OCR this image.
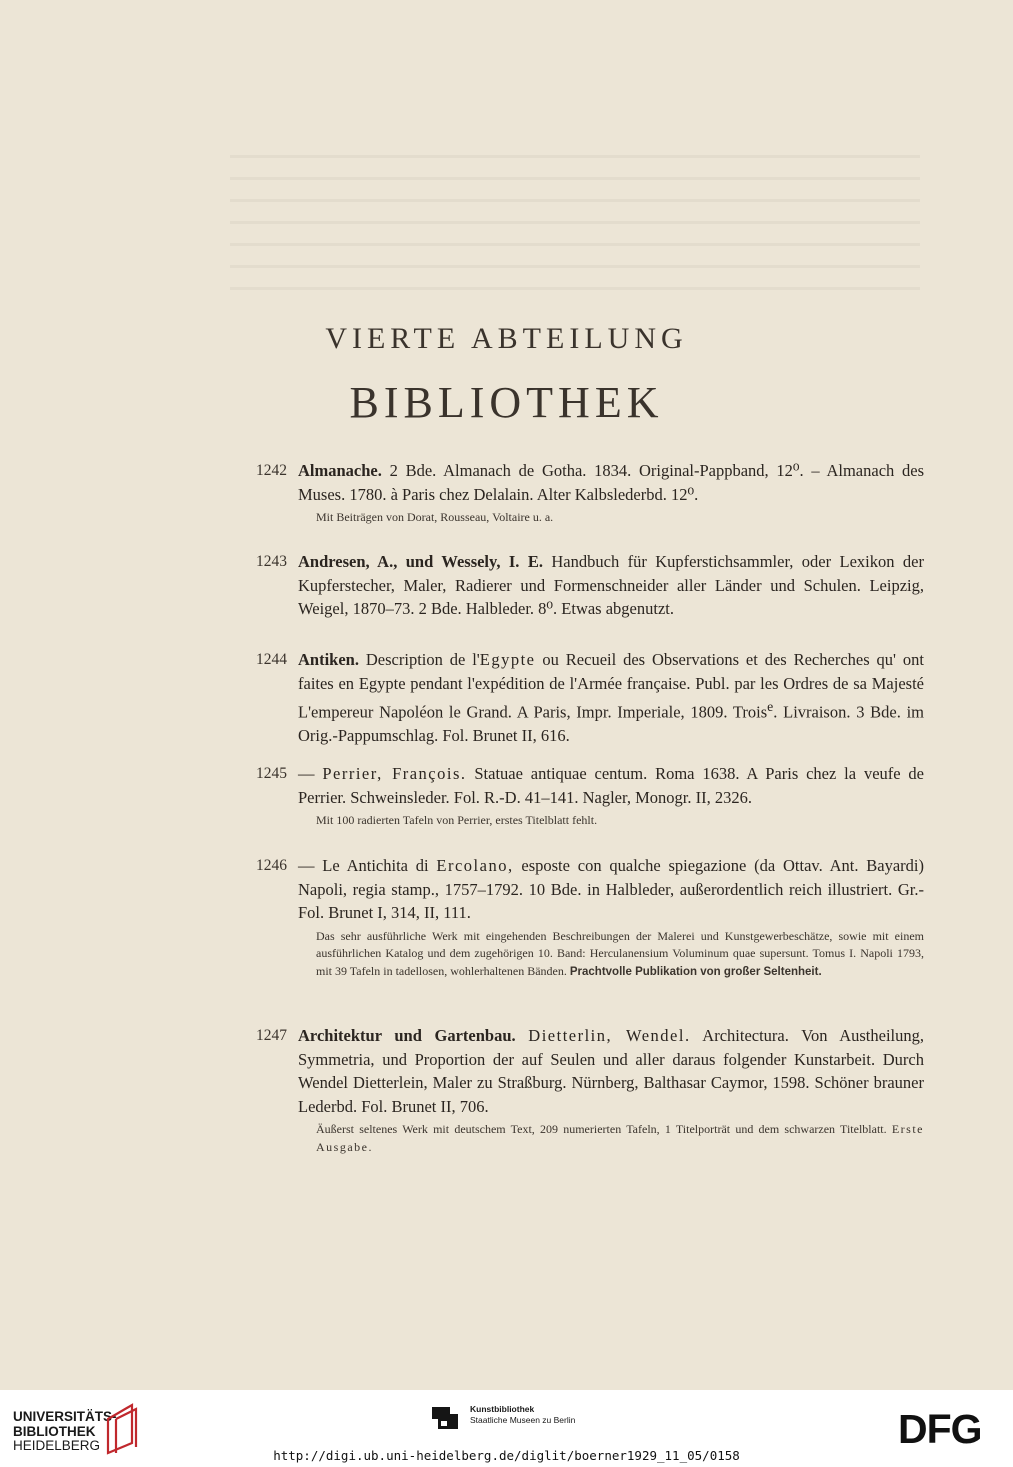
VIERTE ABTEILUNG
BIBLIOTHEK
1242 Almanache. 2 Bde. Almanach de Gotha. 1834. Original-Pappband, 12⁰. – Almanach des Muses. 1780. à Paris chez Delalain. Alter Kalbslederbd. 12⁰.
Mit Beiträgen von Dorat, Rousseau, Voltaire u. a.
1243 Andresen, A., und Wessely, I. E. Handbuch für Kupferstichsammler, oder Lexikon der Kupferstecher, Maler, Radierer und Formenschneider aller Länder und Schulen. Leipzig, Weigel, 1870–73. 2 Bde. Halbleder. 8⁰. Etwas abgenutzt.
1244 Antiken. Description de l'Egypte ou Recueil des Observations et des Recherches qu' ont faites en Egypte pendant l'expédition de l'Armée française. Publ. par les Ordres de sa Majesté L'empereur Napoléon le Grand. A Paris, Impr. Imperiale, 1809. Trois$^e$. Livraison. 3 Bde. im Orig.-Pappumschlag. Fol. Brunet II, 616.
1245 — Perrier, François. Statuae antiquae centum. Roma 1638. A Paris chez la veufe de Perrier. Schweinsleder. Fol. R.-D. 41–141. Nagler, Monogr. II, 2326.
Mit 100 radierten Tafeln von Perrier, erstes Titelblatt fehlt.
1246 — Le Antichita di Ercolano, esposte con qualche spiegazione (da Ottav. Ant. Bayardi) Napoli, regia stamp., 1757–1792. 10 Bde. in Halbleder, außerordentlich reich illustriert. Gr.-Fol. Brunet I, 314, II, 111.
Das sehr ausführliche Werk mit eingehenden Beschreibungen der Malerei und Kunstgewerbeschätze, sowie mit einem ausführlichen Katalog und dem zugehörigen 10. Band: Herculanensium Voluminum quae supersunt. Tomus I. Napoli 1793, mit 39 Tafeln in tadellosen, wohlerhaltenen Bänden. Prachtvolle Publikation von großer Seltenheit.
1247 Architektur und Gartenbau. Dietterlin, Wendel. Architectura. Von Austheilung, Symmetria, und Proportion der auf Seulen und aller daraus folgender Kunstarbeit. Durch Wendel Dietterlein, Maler zu Straßburg. Nürnberg, Balthasar Caymor, 1598. Schöner brauner Lederbd. Fol. Brunet II, 706.
Äußerst seltenes Werk mit deutschem Text, 209 numerierten Tafeln, 1 Titelporträt und dem schwarzen Titelblatt. Erste Ausgabe.
UNIVERSITÄTS-
BIBLIOTHEK
HEIDELBERG
Kunstbibliothek
Staatliche Museen zu Berlin	DFG
http://digi.ub.uni-heidelberg.de/diglit/boerner1929_11_05/0158
